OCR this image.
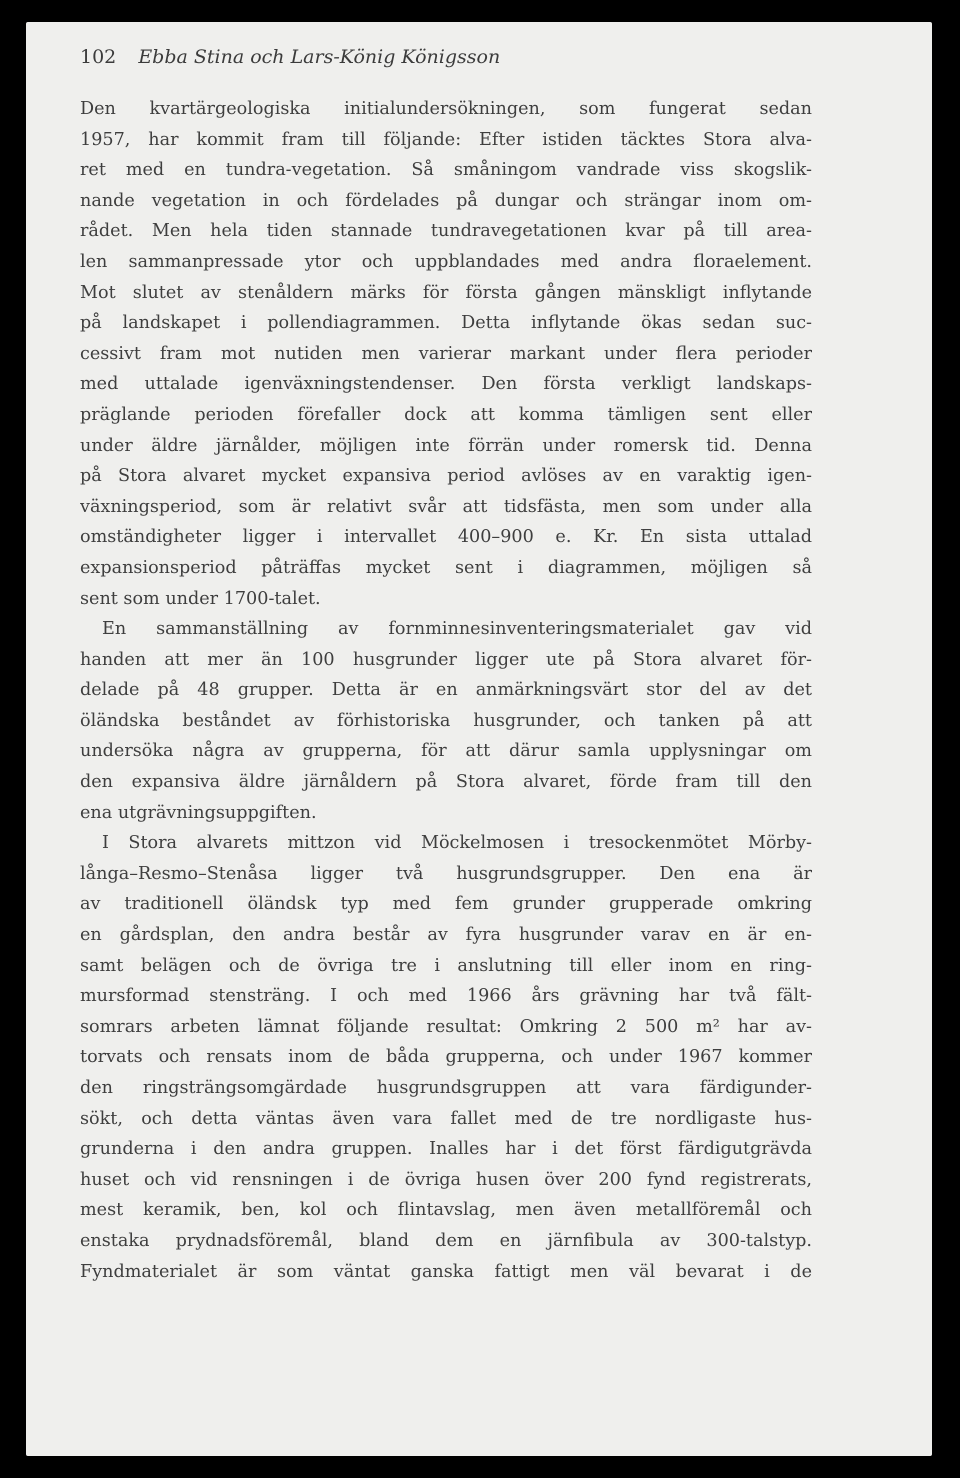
102 Ebba Stina och Lars-König Königsson
Den kvartärgeologiska initialundersökningen, som fungerat sedan
1957, har kommit fram till följande: Efter istiden täcktes Stora alva-
ret med en tundra-vegetation. Så småningom vandrade viss skogslik-
nande vegetation in och fördelades på dungar och strängar inom om-
rådet. Men hela tiden stannade tundravegetationen kvar på till area-
len sammanpressade ytor och uppblandades med andra floraelement.
Mot slutet av stenåldern märks för första gången mänskligt inflytande
på landskapet i pollendiagrammen. Detta inflytande ökas sedan suc-
cessivt fram mot nutiden men varierar markant under flera perioder
med uttalade igenväxningstendenser. Den första verkligt landskaps-
präglande perioden förefaller dock att komma tämligen sent eller
under äldre järnålder, möjligen inte förrän under romersk tid. Denna
på Stora alvaret mycket expansiva period avlöses av en varaktig igen-
växningsperiod, som är relativt svår att tidsfästa, men som under alla
omständigheter ligger i intervallet 400–900 e. Kr. En sista uttalad
expansionsperiod påträffas mycket sent i diagrammen, möjligen så
sent som under 1700-talet.
En sammanställning av fornminnesinventeringsmaterialet gav vid
handen att mer än 100 husgrunder ligger ute på Stora alvaret för-
delade på 48 grupper. Detta är en anmärkningsvärt stor del av det
öländska beståndet av förhistoriska husgrunder, och tanken på att
undersöka några av grupperna, för att därur samla upplysningar om
den expansiva äldre järnåldern på Stora alvaret, förde fram till den
ena utgrävningsuppgiften.
I Stora alvarets mittzon vid Möckelmosen i tresockenmötet Mörby-
långa–Resmo–Stenåsa ligger två husgrundsgrupper. Den ena är
av traditionell öländsk typ med fem grunder grupperade omkring
en gårdsplan, den andra består av fyra husgrunder varav en är en-
samt belägen och de övriga tre i anslutning till eller inom en ring-
mursformad stensträng. I och med 1966 års grävning har två fält-
somrars arbeten lämnat följande resultat: Omkring 2 500 m² har av-
torvats och rensats inom de båda grupperna, och under 1967 kommer
den ringsträngsomgärdade husgrundsgruppen att vara färdigunder-
sökt, och detta väntas även vara fallet med de tre nordligaste hus-
grunderna i den andra gruppen. Inalles har i det först färdigutgrävda
huset och vid rensningen i de övriga husen över 200 fynd registrerats,
mest keramik, ben, kol och flintavslag, men även metallföremål och
enstaka prydnadsföremål, bland dem en järnfibula av 300-talstyp.
Fyndmaterialet är som väntat ganska fattigt men väl bevarat i de
